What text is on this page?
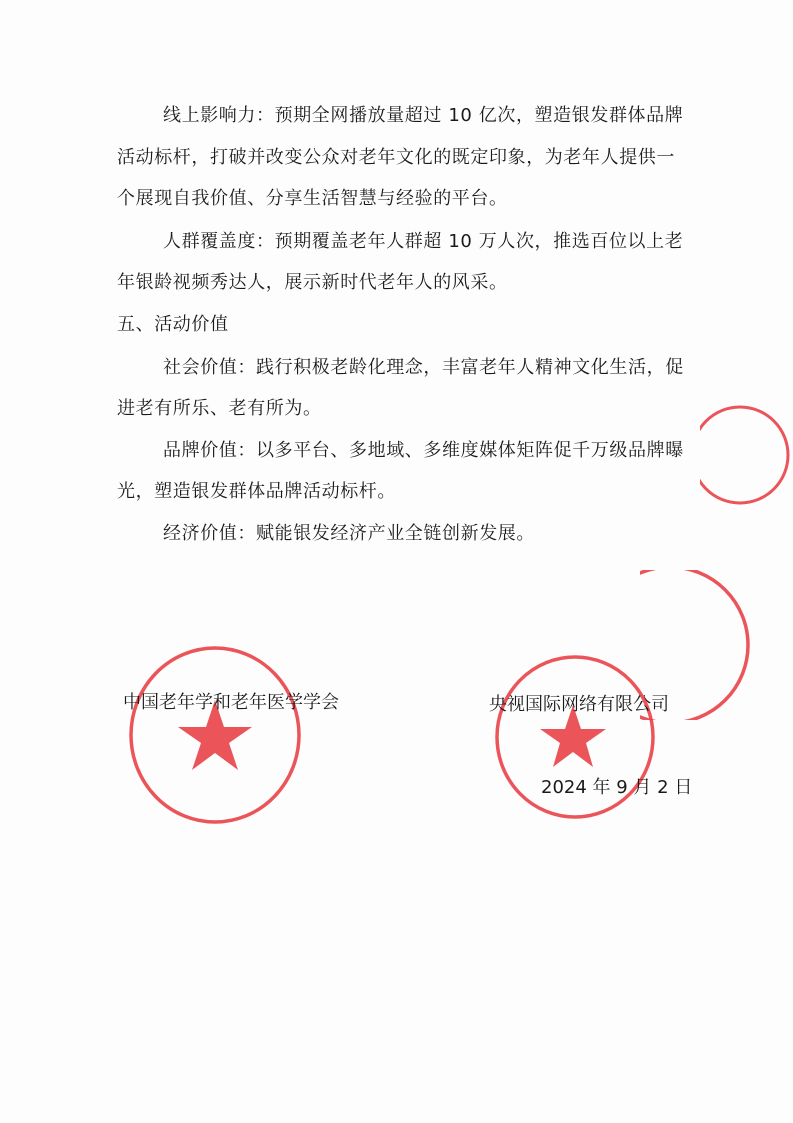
线上影响力：预期全网播放量超过 10 亿次，塑造银发群体品牌
活动标杆，打破并改变公众对老年文化的既定印象，为老年人提供一
个展现自我价值、分享生活智慧与经验的平台。
人群覆盖度：预期覆盖老年人群超 10 万人次，推选百位以上老
年银龄视频秀达人，展示新时代老年人的风采。
五、活动价值
社会价值：践行积极老龄化理念，丰富老年人精神文化生活，促
进老有所乐、老有所为。
品牌价值：以多平台、多地域、多维度媒体矩阵促千万级品牌曝
光，塑造银发群体品牌活动标杆。
经济价值：赋能银发经济产业全链创新发展。
中国老年学和老年医学学会	央视国际网络有限公司
2024 年 9 月 2 日
